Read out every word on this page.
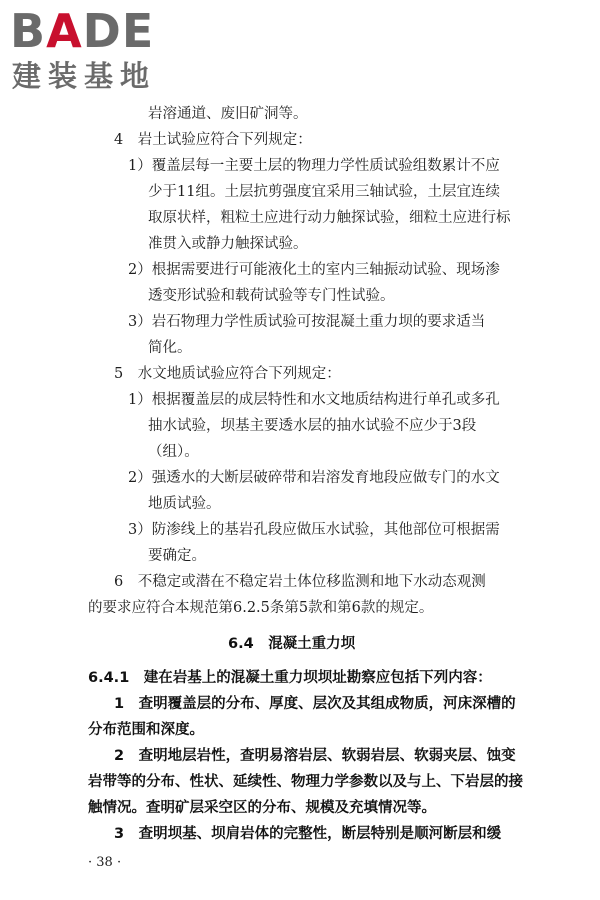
BADE
建装基地
岩溶通道、废旧矿洞等。
4　岩土试验应符合下列规定：
1）覆盖层每一主要土层的物理力学性质试验组数累计不应
少于11组。土层抗剪强度宜采用三轴试验，土层宜连续
取原状样，粗粒土应进行动力触探试验，细粒土应进行标
准贯入或静力触探试验。
2）根据需要进行可能液化土的室内三轴振动试验、现场渗
透变形试验和载荷试验等专门性试验。
3）岩石物理力学性质试验可按混凝土重力坝的要求适当
简化。
5　水文地质试验应符合下列规定：
1）根据覆盖层的成层特性和水文地质结构进行单孔或多孔
抽水试验，坝基主要透水层的抽水试验不应少于3段
（组）。
2）强透水的大断层破碎带和岩溶发育地段应做专门的水文
地质试验。
3）防渗线上的基岩孔段应做压水试验，其他部位可根据需
要确定。
6　不稳定或潜在不稳定岩土体位移监测和地下水动态观测
的要求应符合本规范第6.2.5条第5款和第6款的规定。
6.4　 混凝土重力坝
6.4.1　 建在岩基上的混凝土重力坝坝址勘察应包括下列内容：
1　查明覆盖层的分布、厚度、层次及其组成物质，河床深槽的
分布范围和深度。
2　查明地层岩性，查明易溶岩层、软弱岩层、软弱夹层、蚀变
岩带等的分布、性状、延续性、物理力学参数以及与上、下岩层的接
触情况。查明矿层采空区的分布、规模及充填情况等。
3　查明坝基、坝肩岩体的完整性，断层特别是顺河断层和缓
· 38 ·
